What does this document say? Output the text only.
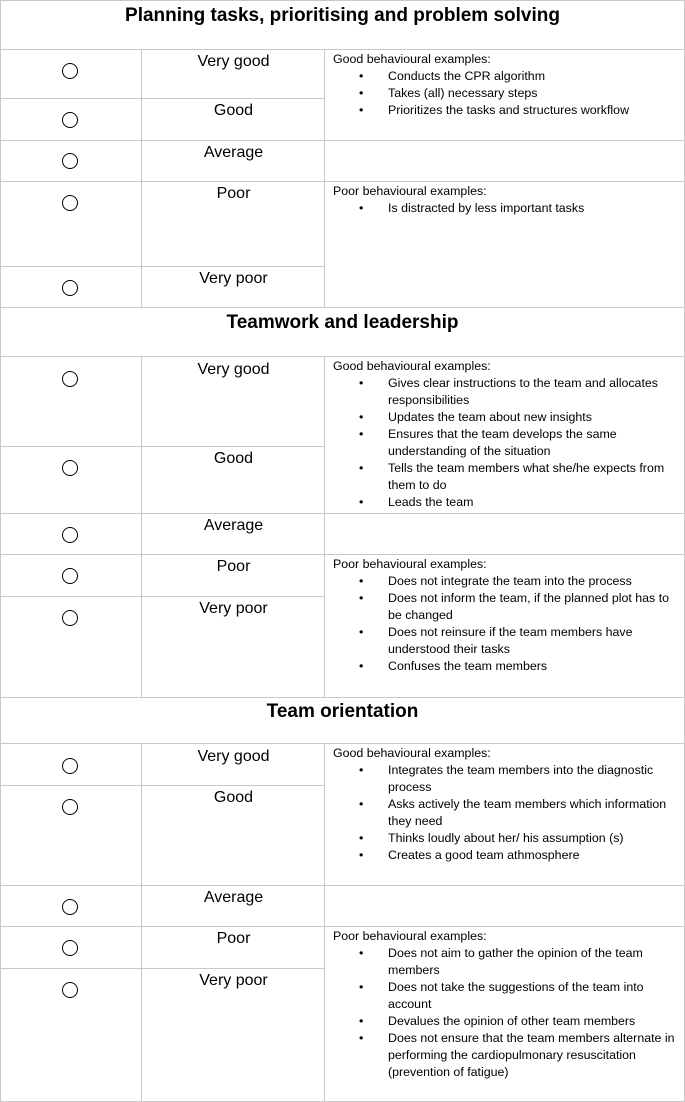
Planning tasks, prioritising and problem solving
Very good
Good
Average
Poor
Very poor

Good behavioural examples:

• Conducts the CPR algorithm
• Takes (all) necessary steps
• Prioritizes the tasks and structures workflow

Poor behavioural examples:

• Is distracted by less important tasks
Teamwork and leadership
Very good
Good
Average
Poor
Very poor

Good behavioural examples:

• Gives clear instructions to the team and allocates responsibilities
• Updates the team about new insights
• Ensures that the team develops the same understanding of the situation
• Tells the team members what she/he expects from them to do
• Leads the team

Poor behavioural examples:

• Does not integrate the team into the process
• Does not inform the team, if the planned plot has to be changed
• Does not reinsure if the team members have understood their tasks
• Confuses the team members
Team orientation
Very good
Good
Average
Poor
Very poor

Good behavioural examples:

• Integrates the team members into the diagnostic process
• Asks actively the team members which information they need
• Thinks loudly about her/ his assumption (s)
• Creates a good team athmosphere

Poor behavioural examples:

• Does not aim to gather the opinion of the team members
• Does not take the suggestions of the team into account
• Devalues the opinion of other team members
• Does not ensure that the team members alternate in performing the cardiopulmonary resuscitation (prevention of fatigue)
